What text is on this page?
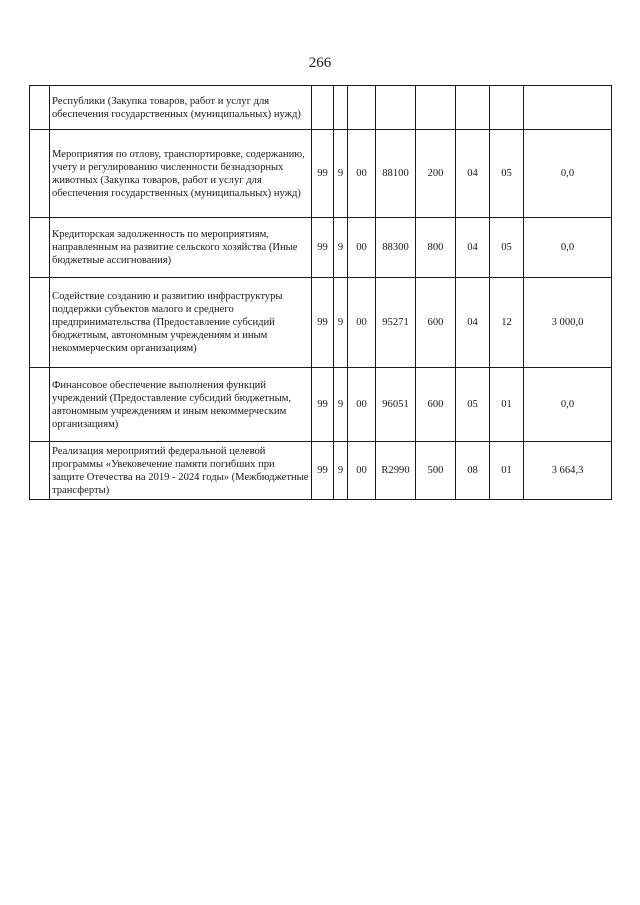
266
	Республики (Закупка товаров, работ и услуг для обеспечения государственных (муниципальных) нужд)								
	Мероприятия по отлову, транспортировке, содержанию, учету и регулированию численности безнадзорных животных (Закупка товаров, работ и услуг для обеспечения государственных (муниципальных) нужд)	99	9	00	88100	200	04	05	0,0
	Кредиторская задолженность по мероприятиям, направленным на развитие сельского хозяйства (Иные бюджетные ассигнования)	99	9	00	88300	800	04	05	0,0
	Содействие созданию и развитию инфраструктуры поддержки субъектов малого и среднего предпринимательства (Предоставление субсидий бюджетным, автономным учреждениям и иным некоммерческим организациям)	99	9	00	95271	600	04	12	3 000,0
	Финансовое обеспечение выполнения функций учреждений (Предоставление субсидий бюджетным, автономным учреждениям и иным некоммерческим организациям)	99	9	00	96051	600	05	01	0,0
	Реализация мероприятий федеральной целевой программы «Увековечение памяти погибших при защите Отечества на 2019 - 2024 годы» (Межбюджетные трансферты)	99	9	00	R2990	500	08	01	3 664,3
